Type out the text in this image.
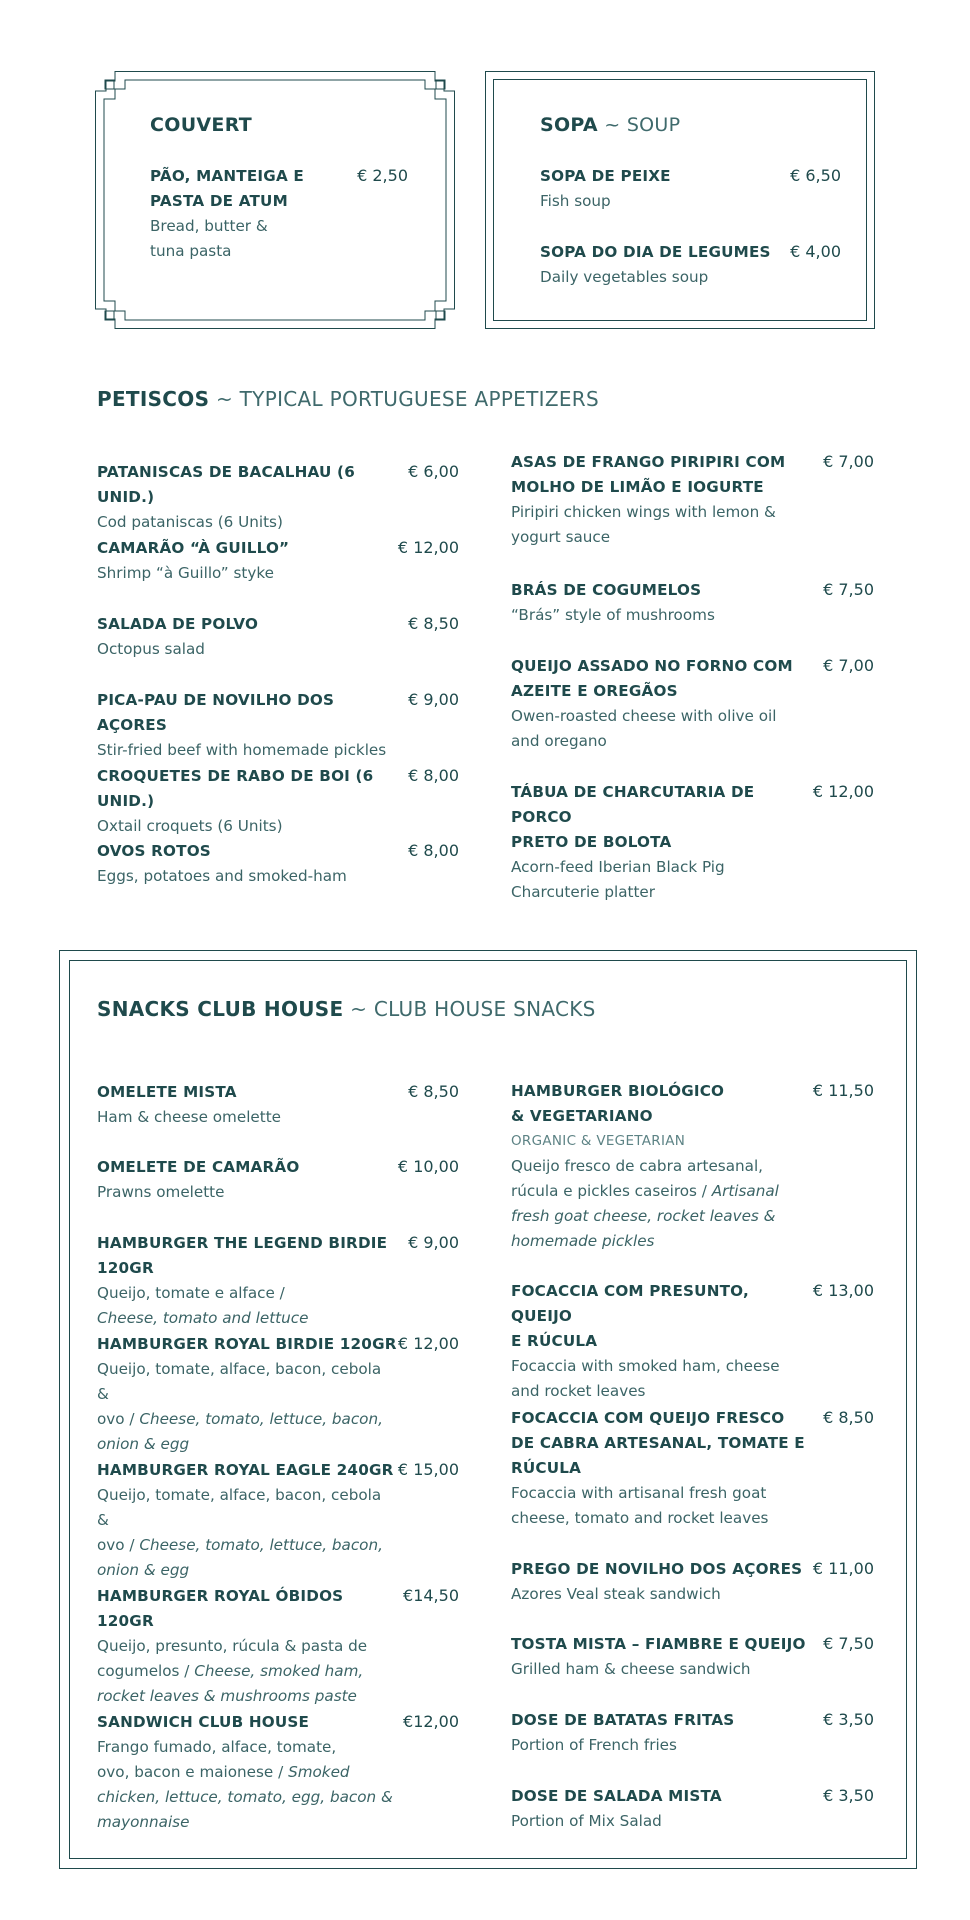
COUVERT	SOPA ~ SOUP
PETISCOS ~ TYPICAL PORTUGUESE APPETIZERS
SNACKS CLUB HOUSE ~ CLUB HOUSE SNACKS
PÃO, MANTEIGA E
PASTA DE ATUM
Bread, butter &
tuna pasta
€ 2,50	SOPA DE PEIXE
Fish soup
€ 6,50
SOPA DO DIA DE LEGUMES
Daily vegetables soup
€ 4,00
PATANISCAS DE BACALHAU (6 UNID.)
Cod pataniscas (6 Units)
€ 6,00
CAMARÃO “À GUILLO”
Shrimp “à Guillo” styke
€ 12,00
SALADA DE POLVO
Octopus salad
€ 8,50
PICA-PAU DE NOVILHO DOS AÇORES
Stir-fried beef with homemade pickles
€ 9,00
CROQUETES DE RABO DE BOI (6 UNID.)
Oxtail croquets (6 Units)
€ 8,00
OVOS ROTOS
Eggs, potatoes and smoked-ham
€ 8,00
ASAS DE FRANGO PIRIPIRI COM
MOLHO DE LIMÃO E IOGURTE
Piripiri chicken wings with lemon &
yogurt sauce
€ 7,00
BRÁS DE COGUMELOS
“Brás” style of mushrooms
€ 7,50
QUEIJO ASSADO NO FORNO COM
AZEITE E OREGÃOS
Owen-roasted cheese with olive oil
and oregano
€ 7,00
TÁBUA DE CHARCUTARIA DE PORCO
PRETO DE BOLOTA
Acorn-feed Iberian Black Pig
Charcuterie platter
€ 12,00
OMELETE MISTA
Ham & cheese omelette
€ 8,50
OMELETE DE CAMARÃO
Prawns omelette
€ 10,00
HAMBURGER THE LEGEND BIRDIE 120GR
Queijo, tomate e alface /
Cheese, tomato and lettuce
€ 9,00
HAMBURGER ROYAL BIRDIE 120GR
Queijo, tomate, alface, bacon, cebola &
ovo / Cheese, tomato, lettuce, bacon,
onion & egg
€ 12,00
HAMBURGER ROYAL EAGLE 240GR
Queijo, tomate, alface, bacon, cebola &
ovo / Cheese, tomato, lettuce, bacon,
onion & egg
€ 15,00
HAMBURGER ROYAL ÓBIDOS 120GR
Queijo, presunto, rúcula & pasta de
cogumelos / Cheese, smoked ham,
rocket leaves & mushrooms paste
€14,50
SANDWICH CLUB HOUSE
Frango fumado, alface, tomate,
ovo, bacon e maionese / Smoked
chicken, lettuce, tomato, egg, bacon &
mayonnaise
€12,00
HAMBURGER BIOLÓGICO
& VEGETARIANO
ORGANIC & VEGETARIAN
Queijo fresco de cabra artesanal,
rúcula e pickles caseiros / Artisanal
fresh goat cheese, rocket leaves &
homemade pickles
€ 11,50
FOCACCIA COM PRESUNTO, QUEIJO
E RÚCULA
Focaccia with smoked ham, cheese
and rocket leaves
€ 13,00
FOCACCIA COM QUEIJO FRESCO
DE CABRA ARTESANAL, TOMATE E
RÚCULA
Focaccia with artisanal fresh goat
cheese, tomato and rocket leaves
€ 8,50
PREGO DE NOVILHO DOS AÇORES
Azores Veal steak sandwich
€ 11,00
TOSTA MISTA – FIAMBRE E QUEIJO
Grilled ham & cheese sandwich
€ 7,50
DOSE DE BATATAS FRITAS
Portion of French fries
€ 3,50
DOSE DE SALADA MISTA
Portion of Mix Salad
€ 3,50
